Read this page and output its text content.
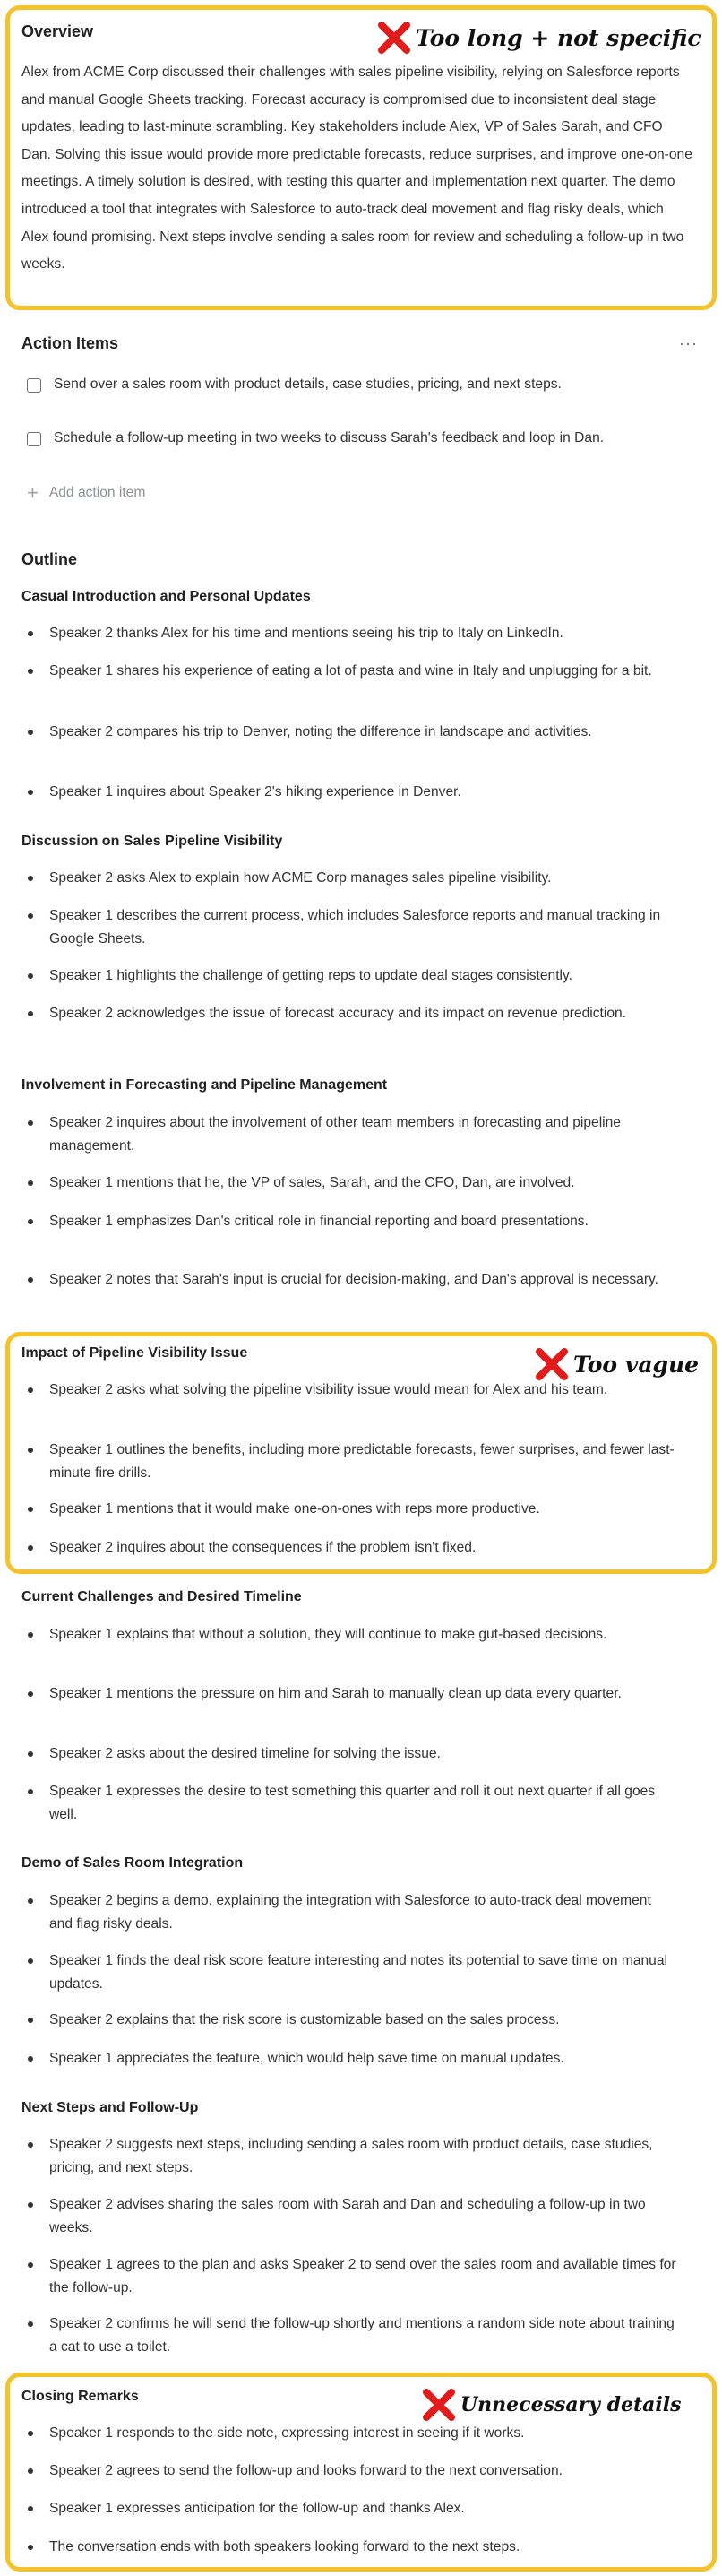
Too long + not specific
Overview
Alex from ACME Corp discussed their challenges with sales pipeline visibility, relying on Salesforce reports and manual Google Sheets tracking. Forecast accuracy is compromised due to inconsistent deal stage updates, leading to last-minute scrambling. Key stakeholders include Alex, VP of Sales Sarah, and CFO Dan. Solving this issue would provide more predictable forecasts, reduce surprises, and improve one-on-one meetings. A timely solution is desired, with testing this quarter and implementation next quarter. The demo introduced a tool that integrates with Salesforce to auto-track deal movement and flag risky deals, which Alex found promising. Next steps involve sending a sales room for review and scheduling a follow-up in two weeks.
Action Items	···
Send over a sales room with product details, case studies, pricing, and next steps.
Schedule a follow-up meeting in two weeks to discuss Sarah's feedback and loop in Dan.
+ Add action item
Outline
Casual Introduction and Personal Updates
Speaker 2 thanks Alex for his time and mentions seeing his trip to Italy on LinkedIn.
Speaker 1 shares his experience of eating a lot of pasta and wine in Italy and unplugging for a bit.
Speaker 2 compares his trip to Denver, noting the difference in landscape and activities.
Speaker 1 inquires about Speaker 2's hiking experience in Denver.
Discussion on Sales Pipeline Visibility
Speaker 2 asks Alex to explain how ACME Corp manages sales pipeline visibility.
Speaker 1 describes the current process, which includes Salesforce reports and manual tracking in Google Sheets.
Speaker 1 highlights the challenge of getting reps to update deal stages consistently.
Speaker 2 acknowledges the issue of forecast accuracy and its impact on revenue prediction.
Involvement in Forecasting and Pipeline Management
Speaker 2 inquires about the involvement of other team members in forecasting and pipeline management.
Speaker 1 mentions that he, the VP of sales, Sarah, and the CFO, Dan, are involved.
Speaker 1 emphasizes Dan's critical role in financial reporting and board presentations.
Speaker 2 notes that Sarah's input is crucial for decision-making, and Dan's approval is necessary.
Too vague
Impact of Pipeline Visibility Issue
Speaker 2 asks what solving the pipeline visibility issue would mean for Alex and his team.
Speaker 1 outlines the benefits, including more predictable forecasts, fewer surprises, and fewer last-minute fire drills.
Speaker 1 mentions that it would make one-on-ones with reps more productive.
Speaker 2 inquires about the consequences if the problem isn't fixed.
Current Challenges and Desired Timeline
Speaker 1 explains that without a solution, they will continue to make gut-based decisions.
Speaker 1 mentions the pressure on him and Sarah to manually clean up data every quarter.
Speaker 2 asks about the desired timeline for solving the issue.
Speaker 1 expresses the desire to test something this quarter and roll it out next quarter if all goes well.
Demo of Sales Room Integration
Speaker 2 begins a demo, explaining the integration with Salesforce to auto-track deal movement and flag risky deals.
Speaker 1 finds the deal risk score feature interesting and notes its potential to save time on manual updates.
Speaker 2 explains that the risk score is customizable based on the sales process.
Speaker 1 appreciates the feature, which would help save time on manual updates.
Next Steps and Follow-Up
Speaker 2 suggests next steps, including sending a sales room with product details, case studies, pricing, and next steps.
Speaker 2 advises sharing the sales room with Sarah and Dan and scheduling a follow-up in two weeks.
Speaker 1 agrees to the plan and asks Speaker 2 to send over the sales room and available times for the follow-up.
Speaker 2 confirms he will send the follow-up shortly and mentions a random side note about training a cat to use a toilet.
Unnecessary details
Closing Remarks
Speaker 1 responds to the side note, expressing interest in seeing if it works.
Speaker 2 agrees to send the follow-up and looks forward to the next conversation.
Speaker 1 expresses anticipation for the follow-up and thanks Alex.
The conversation ends with both speakers looking forward to the next steps.
